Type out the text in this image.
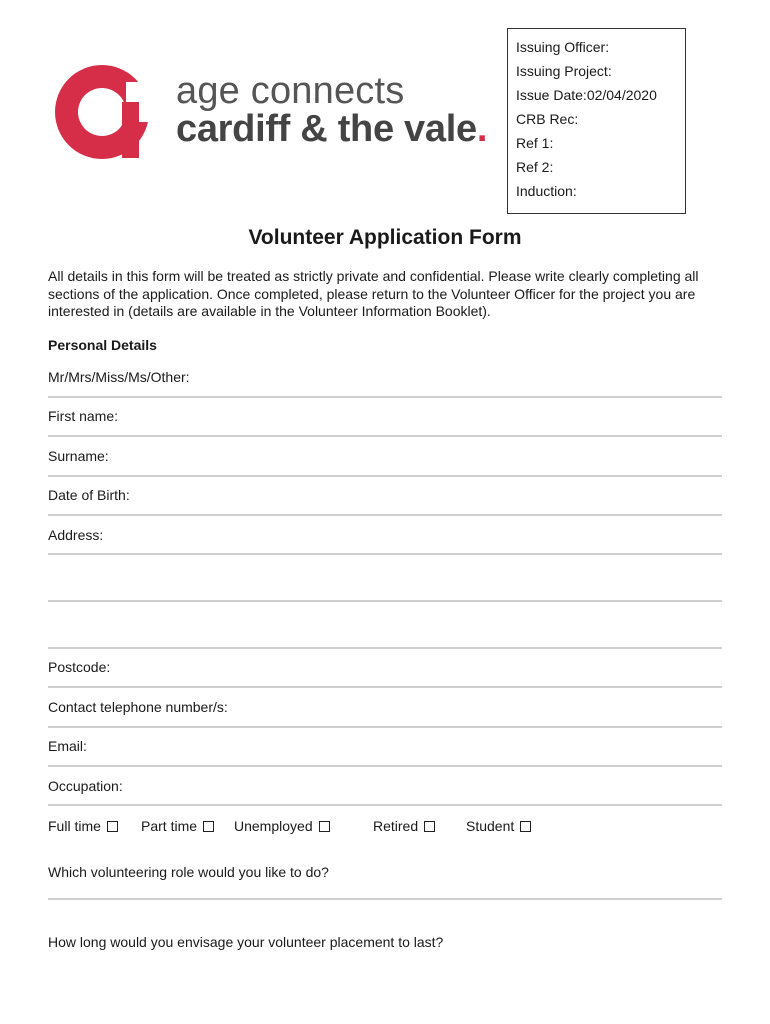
age connects
cardiff & the vale.
Issuing Officer:
Issuing Project:
Issue Date:02/04/2020
CRB Rec:
Ref 1:
Ref 2:
Induction:
Volunteer Application Form
All details in this form will be treated as strictly private and confidential. Please write clearly completing all sections of the application. Once completed, please return to the Volunteer Officer for the project you are interested in (details are available in the Volunteer Information Booklet).
Personal Details
Mr/Mrs/Miss/Ms/Other:
First name:
Surname:
Date of Birth:
Address:
Postcode:
Contact telephone number/s:
Email:
Occupation:
Full time	Part time	Unemployed	Retired	Student
Which volunteering role would you like to do?
How long would you envisage your volunteer placement to last?
